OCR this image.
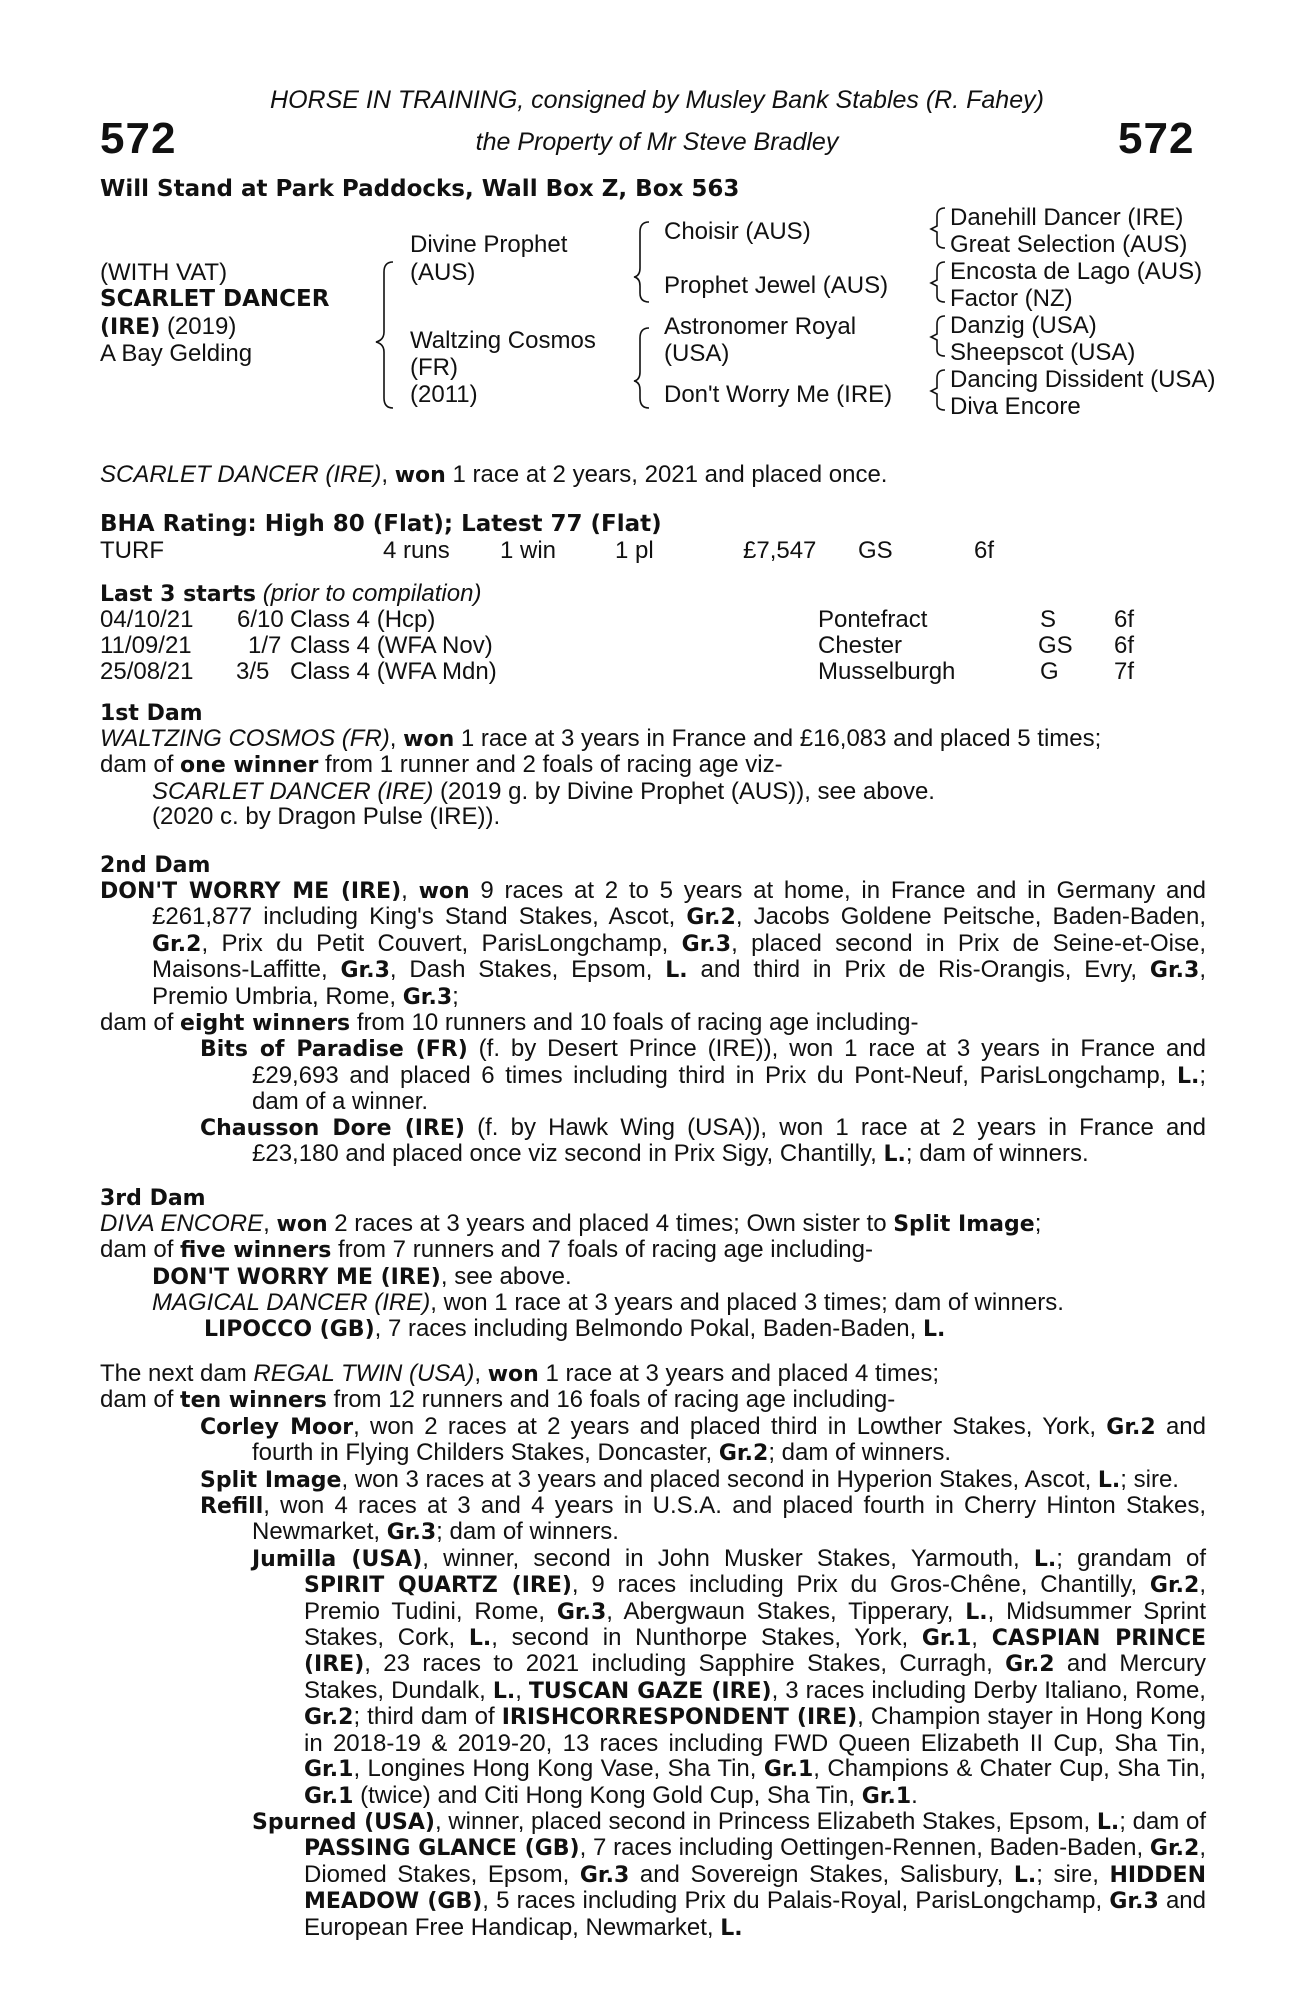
572	572
HORSE IN TRAINING, consigned by Musley Bank Stables (R. Fahey)
the Property of Mr Steve Bradley
Will Stand at Park Paddocks, Wall Box Z, Box 563
(WITH VAT)
SCARLET DANCER
(IRE) (2019)
A Bay Gelding
Divine Prophet
(AUS)
Waltzing Cosmos
(FR)
(2011)
Choisir (AUS)
Prophet Jewel (AUS)
Astronomer Royal
(USA)
Don't Worry Me (IRE)
Danehill Dancer (IRE)
Great Selection (AUS)
Encosta de Lago (AUS)
Factor (NZ)
Danzig (USA)
Sheepscot (USA)
Dancing Dissident (USA)
Diva Encore
SCARLET DANCER (IRE), won 1 race at 2 years, 2021 and placed once.
BHA Rating: High 80 (Flat); Latest 77 (Flat)
TURF	4 runs 1 win 1 pl	£7,547 GS	6f
Last 3 starts (prior to compilation)
04/10/21 6/10 Class 4 (Hcp)	Pontefract	S 6f
11/09/21 1/7 Class 4 (WFA Nov)	Chester	GS 6f
25/08/21 3/5 Class 4 (WFA Mdn)	Musselburgh	G 7f
1st Dam
WALTZING COSMOS (FR), won 1 race at 3 years in France and £16,083 and placed 5 times;
dam of one winner from 1 runner and 2 foals of racing age viz-
SCARLET DANCER (IRE) (2019 g. by Divine Prophet (AUS)), see above.
(2020 c. by Dragon Pulse (IRE)).
2nd Dam
DON'T WORRY ME (IRE), won 9 races at 2 to 5 years at home, in France and in Germany and £261,877 including King's Stand Stakes, Ascot, Gr.2, Jacobs Goldene Peitsche, Baden-Baden, Gr.2, Prix du Petit Couvert, ParisLongchamp, Gr.3, placed second in Prix de Seine-et-Oise, Maisons-Laffitte, Gr.3, Dash Stakes, Epsom, L. and third in Prix de Ris-Orangis, Evry, Gr.3, Premio Umbria, Rome, Gr.3;
dam of eight winners from 10 runners and 10 foals of racing age including-
Bits of Paradise (FR) (f. by Desert Prince (IRE)), won 1 race at 3 years in France and £29,693 and placed 6 times including third in Prix du Pont-Neuf, ParisLongchamp, L.; dam of a winner.
Chausson Dore (IRE) (f. by Hawk Wing (USA)), won 1 race at 2 years in France and £23,180 and placed once viz second in Prix Sigy, Chantilly, L.; dam of winners.
3rd Dam
DIVA ENCORE, won 2 races at 3 years and placed 4 times; Own sister to Split Image;
dam of five winners from 7 runners and 7 foals of racing age including-
DON'T WORRY ME (IRE), see above.
MAGICAL DANCER (IRE), won 1 race at 3 years and placed 3 times; dam of winners.
LIPOCCO (GB), 7 races including Belmondo Pokal, Baden-Baden, L.
The next dam REGAL TWIN (USA), won 1 race at 3 years and placed 4 times;
dam of ten winners from 12 runners and 16 foals of racing age including-
Corley Moor, won 2 races at 2 years and placed third in Lowther Stakes, York, Gr.2 and fourth in Flying Childers Stakes, Doncaster, Gr.2; dam of winners.
Split Image, won 3 races at 3 years and placed second in Hyperion Stakes, Ascot, L.; sire.
Refill, won 4 races at 3 and 4 years in U.S.A. and placed fourth in Cherry Hinton Stakes, Newmarket, Gr.3; dam of winners.
Jumilla (USA), winner, second in John Musker Stakes, Yarmouth, L.; grandam of SPIRIT QUARTZ (IRE), 9 races including Prix du Gros-Chêne, Chantilly, Gr.2, Premio Tudini, Rome, Gr.3, Abergwaun Stakes, Tipperary, L., Midsummer Sprint Stakes, Cork, L., second in Nunthorpe Stakes, York, Gr.1, CASPIAN PRINCE (IRE), 23 races to 2021 including Sapphire Stakes, Curragh, Gr.2 and Mercury Stakes, Dundalk, L., TUSCAN GAZE (IRE), 3 races including Derby Italiano, Rome, Gr.2; third dam of IRISHCORRESPONDENT (IRE), Champion stayer in Hong Kong in 2018-19 & 2019-20, 13 races including FWD Queen Elizabeth II Cup, Sha Tin, Gr.1, Longines Hong Kong Vase, Sha Tin, Gr.1, Champions & Chater Cup, Sha Tin, Gr.1 (twice) and Citi Hong Kong Gold Cup, Sha Tin, Gr.1.
Spurned (USA), winner, placed second in Princess Elizabeth Stakes, Epsom, L.; dam of PASSING GLANCE (GB), 7 races including Oettingen-Rennen, Baden-Baden, Gr.2, Diomed Stakes, Epsom, Gr.3 and Sovereign Stakes, Salisbury, L.; sire, HIDDEN MEADOW (GB), 5 races including Prix du Palais-Royal, ParisLongchamp, Gr.3 and European Free Handicap, Newmarket, L.
